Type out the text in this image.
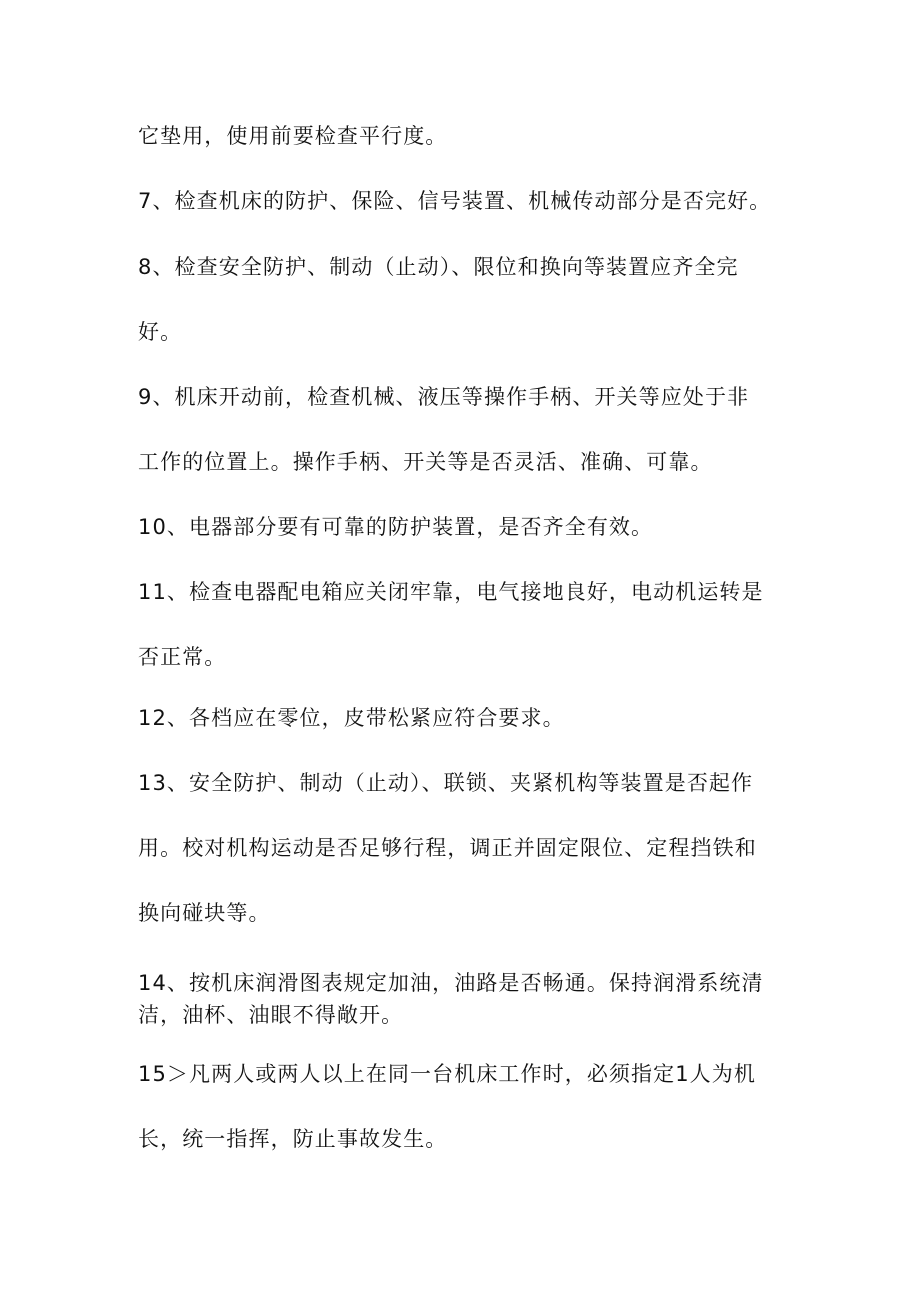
它垫用，使用前要检查平行度。
7、检查机床的防护、保险、信号装置、机械传动部分是否完好。
8、检查安全防护、制动（止动）、限位和换向等装置应齐全完
好。
9、机床开动前，检查机械、液压等操作手柄、开关等应处于非
工作的位置上。操作手柄、开关等是否灵活、准确、可靠。
10、电器部分要有可靠的防护装置，是否齐全有效。
11、检查电器配电箱应关闭牢靠，电气接地良好，电动机运转是
否正常。
12、各档应在零位，皮带松紧应符合要求。
13、安全防护、制动（止动）、联锁、夹紧机构等装置是否起作
用。校对机构运动是否足够行程，调正并固定限位、定程挡铁和
换向碰块等。
14、按机床润滑图表规定加油，油路是否畅通。保持润滑系统清
洁，油杯、油眼不得敞开。
15＞凡两人或两人以上在同一台机床工作时，必须指定1人为机
长，统一指挥，防止事故发生。
